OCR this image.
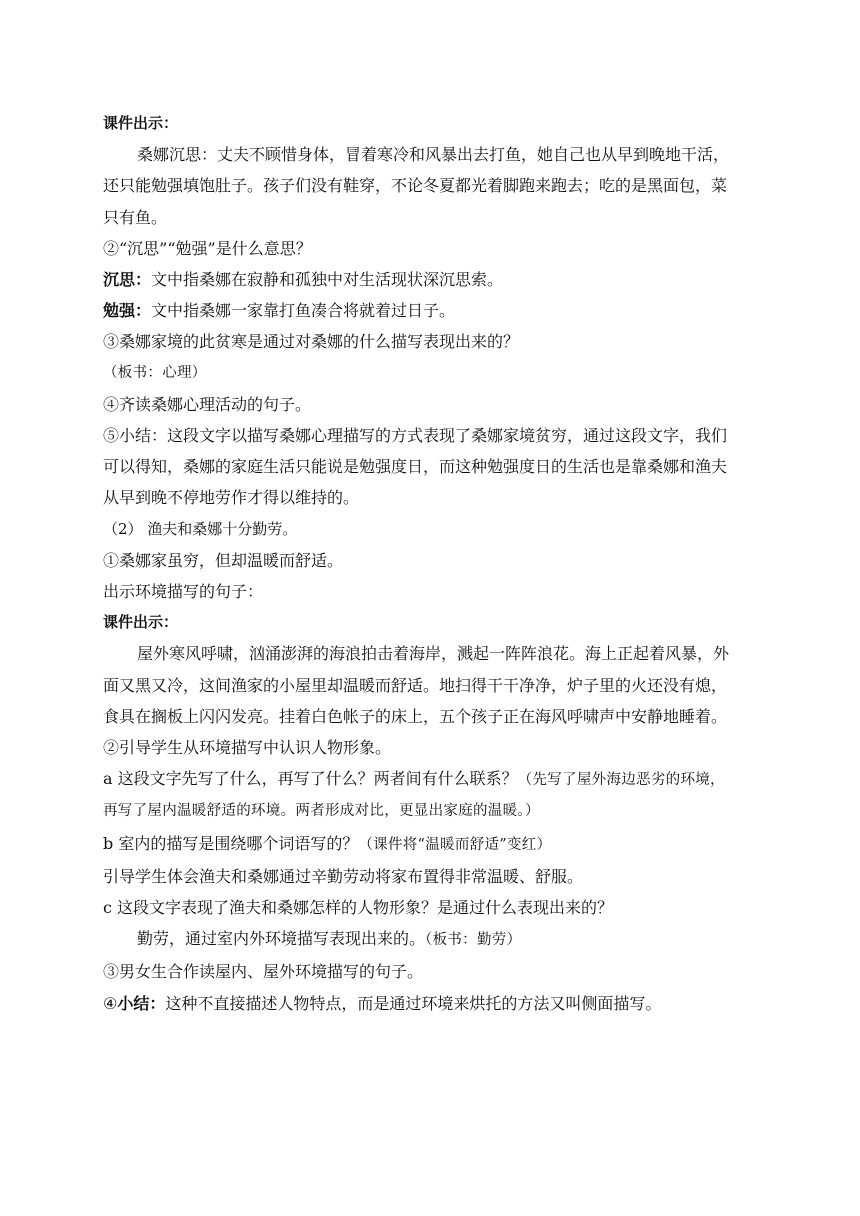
课件出示：

桑娜沉思：丈夫不顾惜身体，冒着寒冷和风暴出去打鱼，她自己也从早到晚地干活，

还只能勉强填饱肚子。孩子们没有鞋穿，不论冬夏都光着脚跑来跑去；吃的是黑面包，菜

只有鱼。

②“沉思”“勉强”是什么意思？

沉思：文中指桑娜在寂静和孤独中对生活现状深沉思索。

勉强：文中指桑娜一家靠打鱼凑合将就着过日子。

③桑娜家境的此贫寒是通过对桑娜的什么描写表现出来的？

（板书：心理）

④齐读桑娜心理活动的句子。

⑤小结：这段文字以描写桑娜心理描写的方式表现了桑娜家境贫穷，通过这段文字，我们

可以得知，桑娜的家庭生活只能说是勉强度日，而这种勉强度日的生活也是靠桑娜和渔夫

从早到晚不停地劳作才得以维持的。

（2） 渔夫和桑娜十分勤劳。

①桑娜家虽穷，但却温暖而舒适。

出示环境描写的句子：

课件出示：

屋外寒风呼啸，汹涌澎湃的海浪拍击着海岸，溅起一阵阵浪花。海上正起着风暴，外

面又黑又冷，这间渔家的小屋里却温暖而舒适。地扫得干干净净，炉子里的火还没有熄，

食具在搁板上闪闪发亮。挂着白色帐子的床上，五个孩子正在海风呼啸声中安静地睡着。

②引导学生从环境描写中认识人物形象。

a 这段文字先写了什么，再写了什么？两者间有什么联系？（先写了屋外海边恶劣的环境，

再写了屋内温暖舒适的环境。两者形成对比，更显出家庭的温暖。）

b 室内的描写是围绕哪个词语写的？（课件将“温暖而舒适”变红）

引导学生体会渔夫和桑娜通过辛勤劳动将家布置得非常温暖、舒服。

c 这段文字表现了渔夫和桑娜怎样的人物形象？是通过什么表现出来的？

勤劳，通过室内外环境描写表现出来的。（板书：勤劳）

③男女生合作读屋内、屋外环境描写的句子。

④小结：这种不直接描述人物特点，而是通过环境来烘托的方法又叫侧面描写。
